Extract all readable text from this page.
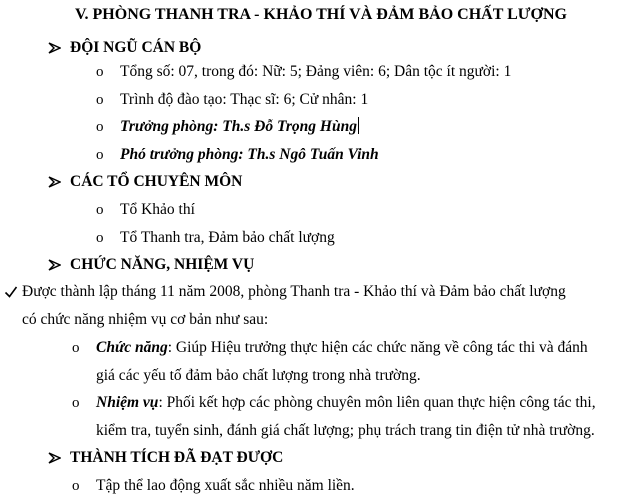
V. PHÒNG THANH TRA - KHẢO THÍ VÀ ĐẢM BẢO CHẤT LƯỢNG
ĐỘI NGŨ CÁN BỘ
o Tổng số: 07, trong đó: Nữ: 5; Đảng viên: 6; Dân tộc ít người: 1
o Trình độ đào tạo: Thạc sĩ: 6; Cử nhân: 1
o Trưởng phòng: Th.s Đỗ Trọng Hùng
o Phó trưởng phòng: Th.s Ngô Tuấn Vinh
CÁC TỔ CHUYÊN MÔN
o Tổ Khảo thí
o Tổ Thanh tra, Đảm bảo chất lượng
CHỨC NĂNG, NHIỆM VỤ
Được thành lập tháng 11 năm 2008, phòng Thanh tra - Khảo thí và Đảm bảo chất lượng
có chức năng nhiệm vụ cơ bản như sau:
o Chức năng: Giúp Hiệu trưởng thực hiện các chức năng về công tác thi và đánh
giá các yếu tố đảm bảo chất lượng trong nhà trường.
o Nhiệm vụ: Phối kết hợp các phòng chuyên môn liên quan thực hiện công tác thi,
kiểm tra, tuyển sinh, đánh giá chất lượng; phụ trách trang tin điện tử nhà trường.
THÀNH TÍCH ĐÃ ĐẠT ĐƯỢC
o Tập thể lao động xuất sắc nhiều năm liền.
